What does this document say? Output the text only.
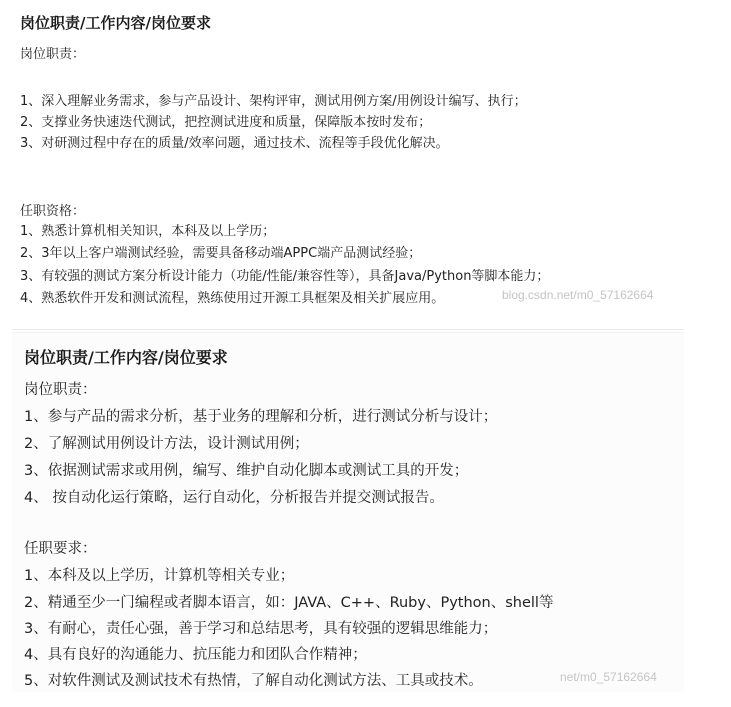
岗位职责/工作内容/岗位要求
岗位职责：
1、深入理解业务需求，参与产品设计、架构评审，测试用例方案/用例设计编写、执行；
2、支撑业务快速迭代测试，把控测试进度和质量，保障版本按时发布；
3、对研测过程中存在的质量/效率问题，通过技术、流程等手段优化解决。
任职资格：
1、熟悉计算机相关知识，本科及以上学历；
2、3年以上客户端测试经验，需要具备移动端APPC端产品测试经验；
3、有较强的测试方案分析设计能力（功能/性能/兼容性等），具备Java/Python等脚本能力；
4、熟悉软件开发和测试流程，熟练使用过开源工具框架及相关扩展应用。	blog.csdn.net/m0_57162664
岗位职责/工作内容/岗位要求
岗位职责：
1、参与产品的需求分析，基于业务的理解和分析，进行测试分析与设计；
2、了解测试用例设计方法，设计测试用例；
3、依据测试需求或用例，编写、维护自动化脚本或测试工具的开发；
4、 按自动化运行策略，运行自动化，分析报告并提交测试报告。
任职要求：
1、本科及以上学历，计算机等相关专业；
2、精通至少一门编程或者脚本语言，如：JAVA、C++、Ruby、Python、shell等
3、有耐心，责任心强，善于学习和总结思考，具有较强的逻辑思维能力；
4、具有良好的沟通能力、抗压能力和团队合作精神；
5、对软件测试及测试技术有热情，了解自动化测试方法、工具或技术。	net/m0_57162664
